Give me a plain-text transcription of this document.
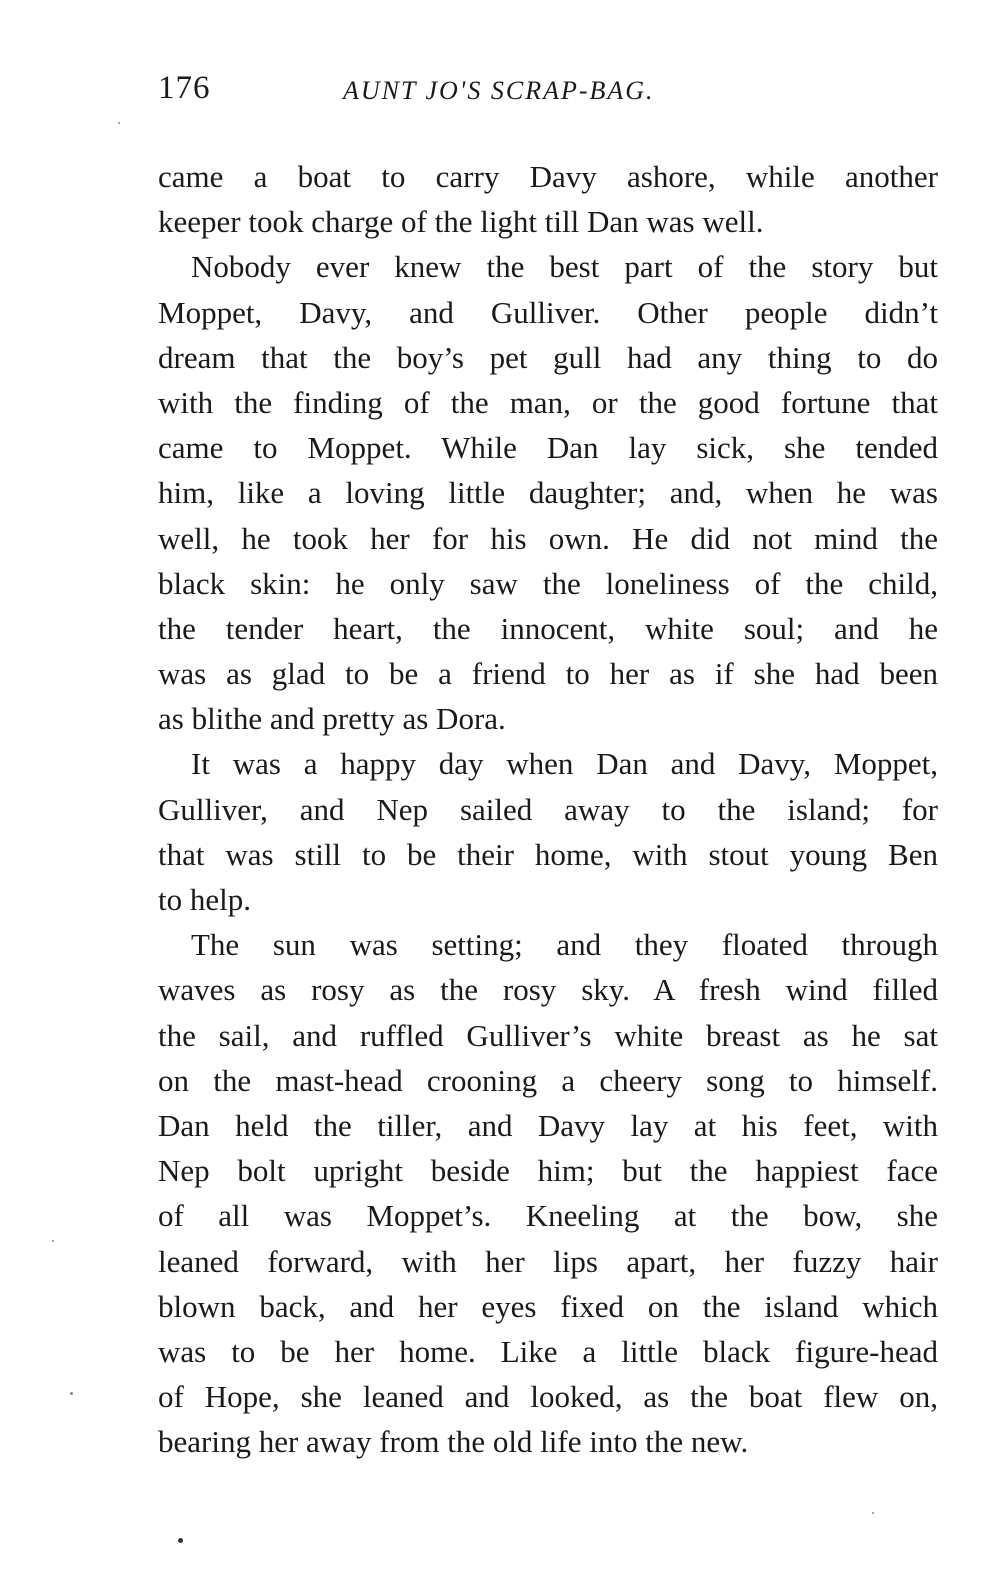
176	AUNT JO'S SCRAP-BAG.
came a boat to carry Davy ashore, while another
keeper took charge of the light till Dan was well.
Nobody ever knew the best part of the story but
Moppet, Davy, and Gulliver. Other people didn’t
dream that the boy’s pet gull had any thing to do
with the finding of the man, or the good fortune that
came to Moppet. While Dan lay sick, she tended
him, like a loving little daughter; and, when he was
well, he took her for his own. He did not mind the
black skin: he only saw the loneliness of the child,
the tender heart, the innocent, white soul; and he
was as glad to be a friend to her as if she had been
as blithe and pretty as Dora.
It was a happy day when Dan and Davy, Moppet,
Gulliver, and Nep sailed away to the island; for
that was still to be their home, with stout young Ben
to help.
The sun was setting; and they floated through
waves as rosy as the rosy sky. A fresh wind filled
the sail, and ruffled Gulliver’s white breast as he sat
on the mast-head crooning a cheery song to himself.
Dan held the tiller, and Davy lay at his feet, with
Nep bolt upright beside him; but the happiest face
of all was Moppet’s. Kneeling at the bow, she
leaned forward, with her lips apart, her fuzzy hair
blown back, and her eyes fixed on the island which
was to be her home. Like a little black figure-head
of Hope, she leaned and looked, as the boat flew on,
bearing her away from the old life into the new.
